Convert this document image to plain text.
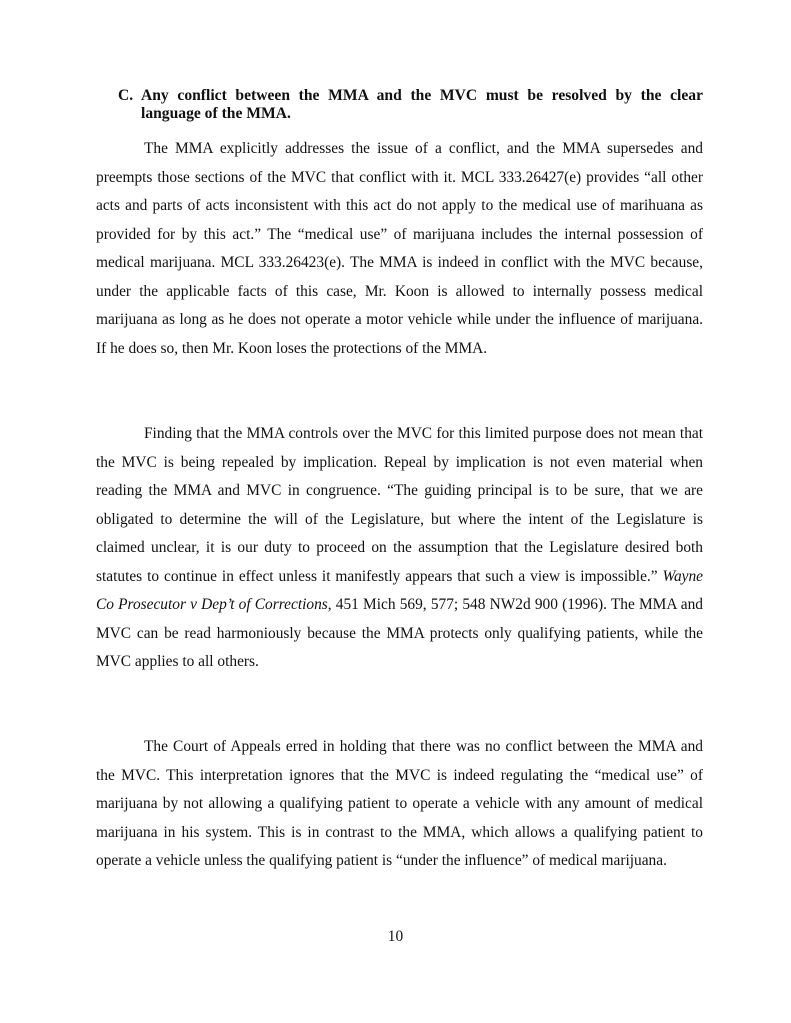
C. Any conflict between the MMA and the MVC must be resolved by the clear language of the MMA.

The MMA explicitly addresses the issue of a conflict, and the MMA supersedes and preempts those sections of the MVC that conflict with it. MCL 333.26427(e) provides “all other acts and parts of acts inconsistent with this act do not apply to the medical use of marihuana as provided for by this act.” The “medical use” of marijuana includes the internal possession of medical marijuana. MCL 333.26423(e). The MMA is indeed in conflict with the MVC because, under the applicable facts of this case, Mr. Koon is allowed to internally possess medical marijuana as long as he does not operate a motor vehicle while under the influence of marijuana. If he does so, then Mr. Koon loses the protections of the MMA.

Finding that the MMA controls over the MVC for this limited purpose does not mean that the MVC is being repealed by implication. Repeal by implication is not even material when reading the MMA and MVC in congruence. “The guiding principal is to be sure, that we are obligated to determine the will of the Legislature, but where the intent of the Legislature is claimed unclear, it is our duty to proceed on the assumption that the Legislature desired both statutes to continue in effect unless it manifestly appears that such a view is impossible.” Wayne Co Prosecutor v Dep’t of Corrections, 451 Mich 569, 577; 548 NW2d 900 (1996). The MMA and MVC can be read harmoniously because the MMA protects only qualifying patients, while the MVC applies to all others.

The Court of Appeals erred in holding that there was no conflict between the MMA and the MVC. This interpretation ignores that the MVC is indeed regulating the “medical use” of marijuana by not allowing a qualifying patient to operate a vehicle with any amount of medical marijuana in his system. This is in contrast to the MMA, which allows a qualifying patient to operate a vehicle unless the qualifying patient is “under the influence” of medical marijuana.

10
